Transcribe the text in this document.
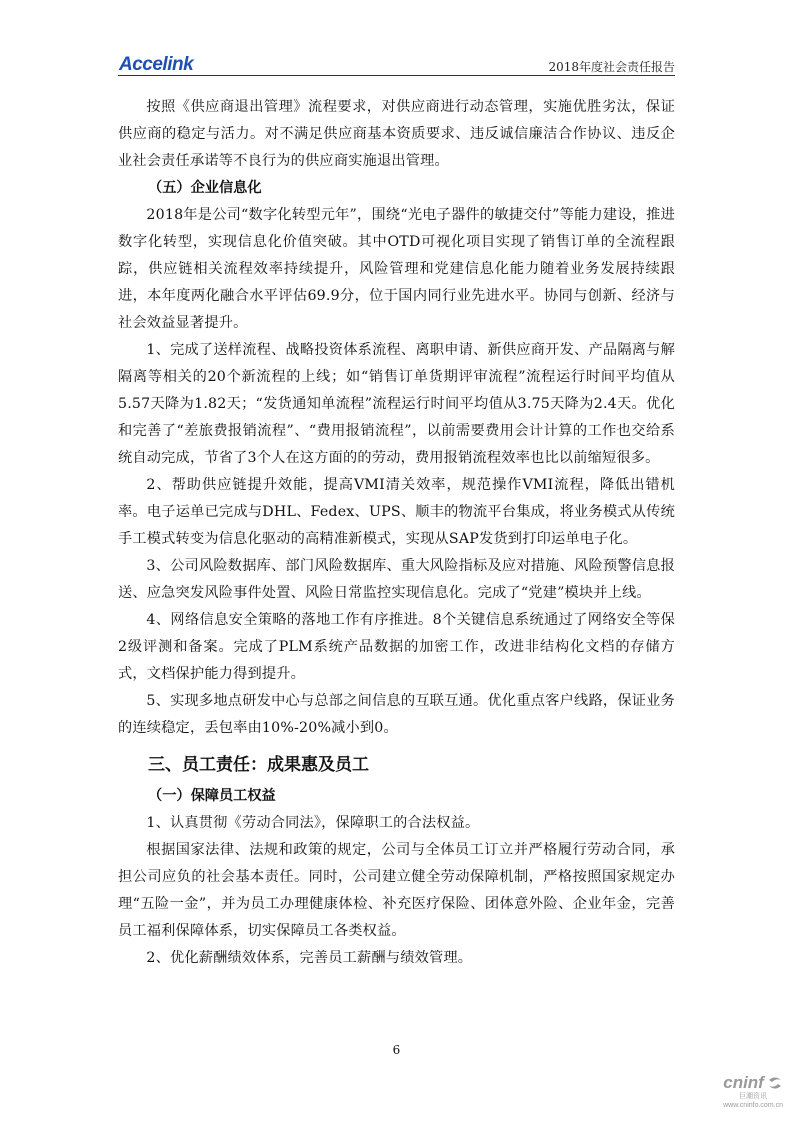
Accelink	2018年度社会责任报告

按照《供应商退出管理》流程要求，对供应商进行动态管理，实施优胜劣汰，保证供应商的稳定与活力。对不满足供应商基本资质要求、违反诚信廉洁合作协议、违反企业社会责任承诺等不良行为的供应商实施退出管理。

（五）企业信息化

2018年是公司“数字化转型元年”，围绕“光电子器件的敏捷交付”等能力建设，推进数字化转型，实现信息化价值突破。其中OTD可视化项目实现了销售订单的全流程跟踪，供应链相关流程效率持续提升，风险管理和党建信息化能力随着业务发展持续跟进，本年度两化融合水平评估69.9分，位于国内同行业先进水平。协同与创新、经济与社会效益显著提升。

1、完成了送样流程、战略投资体系流程、离职申请、新供应商开发、产品隔离与解隔离等相关的20个新流程的上线；如“销售订单货期评审流程”流程运行时间平均值从5.57天降为1.82天；“发货通知单流程”流程运行时间平均值从3.75天降为2.4天。优化和完善了“差旅费报销流程”、“费用报销流程”，以前需要费用会计计算的工作也交给系统自动完成，节省了3个人在这方面的的劳动，费用报销流程效率也比以前缩短很多。

2、帮助供应链提升效能，提高VMI清关效率，规范操作VMI流程，降低出错机率。电子运单已完成与DHL、Fedex、UPS、顺丰的物流平台集成，将业务模式从传统手工模式转变为信息化驱动的高精准新模式，实现从SAP发货到打印运单电子化。

3、公司风险数据库、部门风险数据库、重大风险指标及应对措施、风险预警信息报送、应急突发风险事件处置、风险日常监控实现信息化。完成了“党建”模块并上线。

4、网络信息安全策略的落地工作有序推进。8个关键信息系统通过了网络安全等保2级评测和备案。完成了PLM系统产品数据的加密工作，改进非结构化文档的存储方式，文档保护能力得到提升。

5、实现多地点研发中心与总部之间信息的互联互通。优化重点客户线路，保证业务的连续稳定，丢包率由10%-20%减小到0。

三、员工责任：成果惠及员工

（一）保障员工权益

1、认真贯彻《劳动合同法》，保障职工的合法权益。

根据国家法律、法规和政策的规定，公司与全体员工订立并严格履行劳动合同，承担公司应负的社会基本责任。同时，公司建立健全劳动保障机制，严格按照国家规定办理“五险一金”，并为员工办理健康体检、补充医疗保险、团体意外险、企业年金，完善员工福利保障体系，切实保障员工各类权益。

2、优化薪酬绩效体系，完善员工薪酬与绩效管理。

6
cninf
巨潮资讯
www.cninfo.com.cn
